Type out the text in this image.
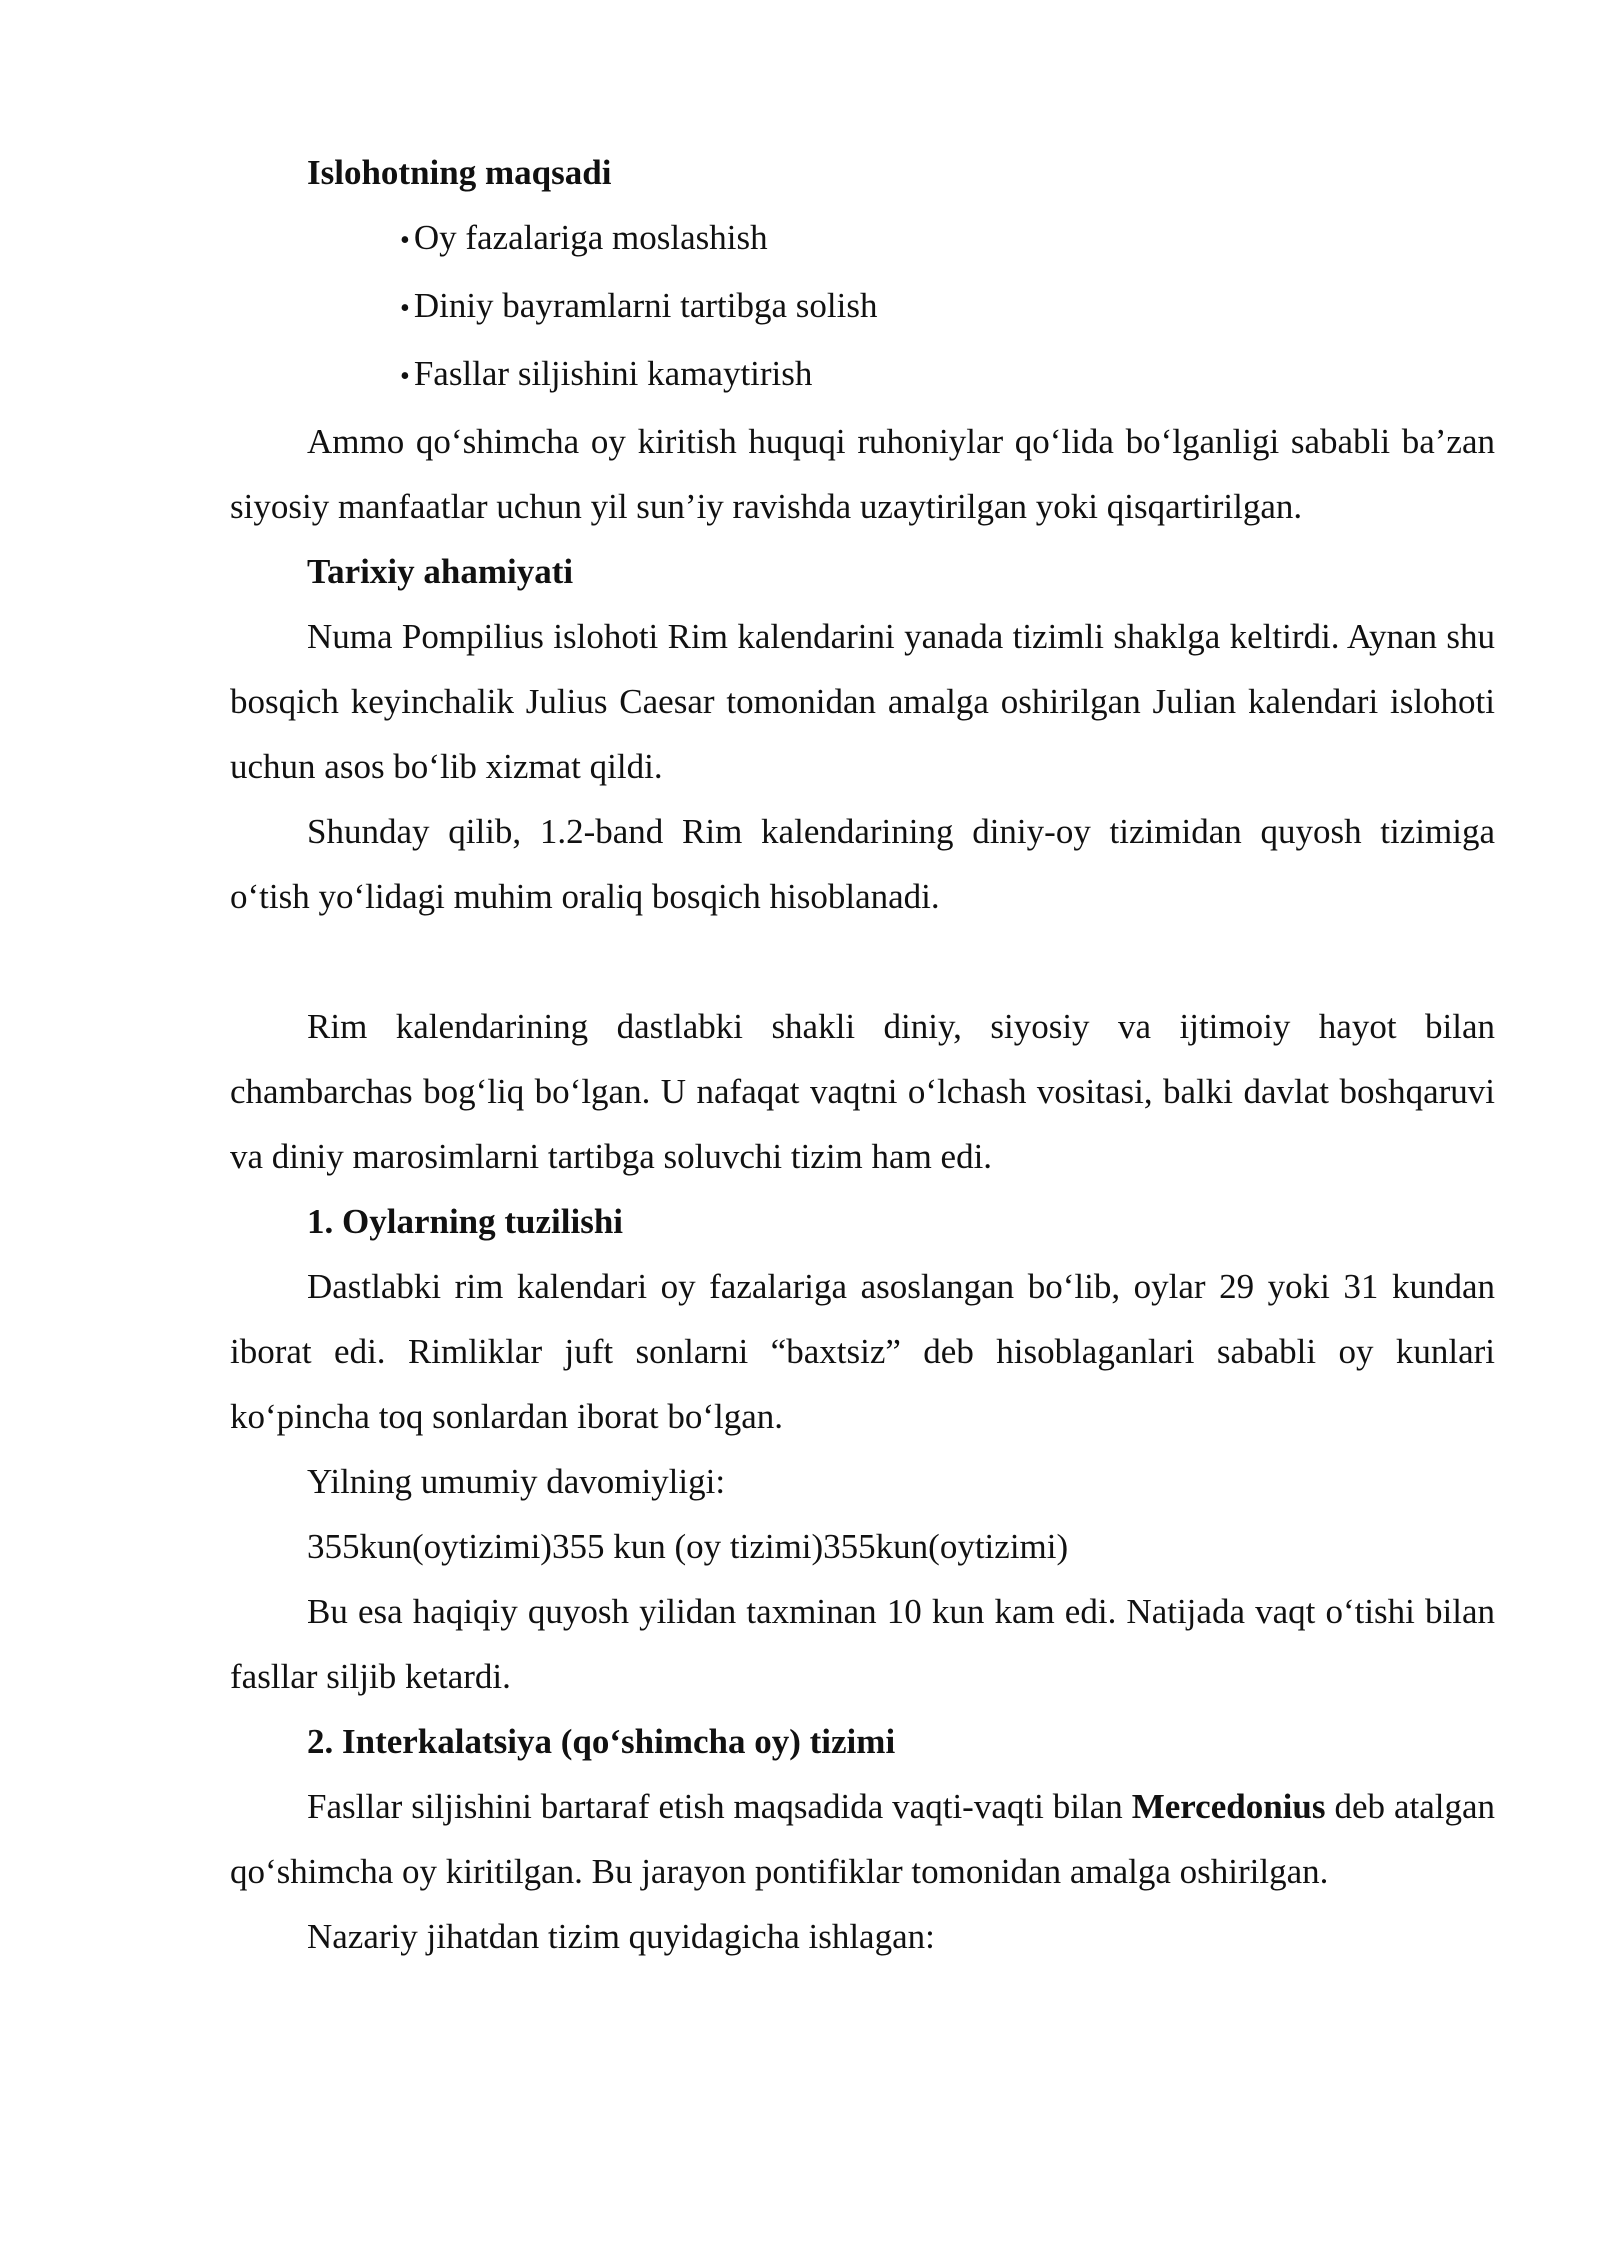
Islohotning maqsadi

• Oy fazalariga moslashish
• Diniy bayramlarni tartibga solish
• Fasllar siljishini kamaytirish

Ammo qo‘shimcha oy kiritish huquqi ruhoniylar qo‘lida bo‘lganligi sababli ba’zan siyosiy manfaatlar uchun yil sun’iy ravishda uzaytirilgan yoki qisqartirilgan.

Tarixiy ahamiyati

Numa Pompilius islohoti Rim kalendarini yanada tizimli shaklga keltirdi. Aynan shu bosqich keyinchalik Julius Caesar tomonidan amalga oshirilgan Julian kalendari islohoti uchun asos bo‘lib xizmat qildi.

Shunday qilib, 1.2-band Rim kalendarining diniy-oy tizimidan quyosh tizimiga o‘tish yo‘lidagi muhim oraliq bosqich hisoblanadi.

Rim kalendarining dastlabki shakli diniy, siyosiy va ijtimoiy hayot bilan chambarchas bog‘liq bo‘lgan. U nafaqat vaqtni o‘lchash vositasi, balki davlat boshqaruvi va diniy marosimlarni tartibga soluvchi tizim ham edi.

1. Oylarning tuzilishi

Dastlabki rim kalendari oy fazalariga asoslangan bo‘lib, oylar 29 yoki 31 kundan iborat edi. Rimliklar juft sonlarni “baxtsiz” deb hisoblaganlari sababli oy kunlari ko‘pincha toq sonlardan iborat bo‘lgan.

Yilning umumiy davomiyligi:

355kun(oytizimi)355 kun (oy tizimi)355kun(oytizimi)

Bu esa haqiqiy quyosh yilidan taxminan 10 kun kam edi. Natijada vaqt o‘tishi bilan fasllar siljib ketardi.

2. Interkalatsiya (qo‘shimcha oy) tizimi

Fasllar siljishini bartaraf etish maqsadida vaqti-vaqti bilan Mercedonius deb atalgan qo‘shimcha oy kiritilgan. Bu jarayon pontifiklar tomonidan amalga oshirilgan.

Nazariy jihatdan tizim quyidagicha ishlagan:
